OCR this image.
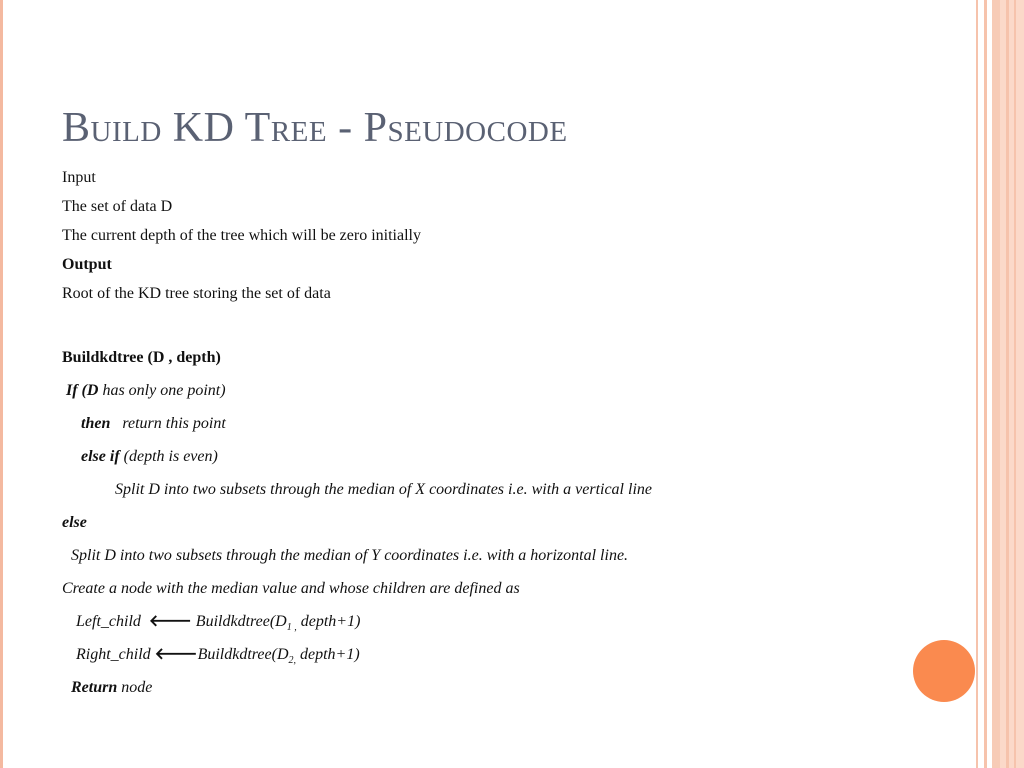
Build KD Tree - Pseudocode
Input
The set of data D
The current depth of the tree which will be zero initially
Output
Root of the KD tree storing the set of data
Buildkdtree (D , depth)
If (D has only one point)
then   return this point
else if (depth is even)
Split D into two subsets through the median of X coordinates i.e. with a vertical line
else
Split D into two subsets through the median of Y coordinates i.e. with a horizontal line.
Create a node with the median value and whose children are defined as
Left_child  🡐 $Buildkdtree(D_{1 ,}$ depth+1)
Right_child $🡐Buildkdtree(D_{2,}$ depth+1)
Return node
